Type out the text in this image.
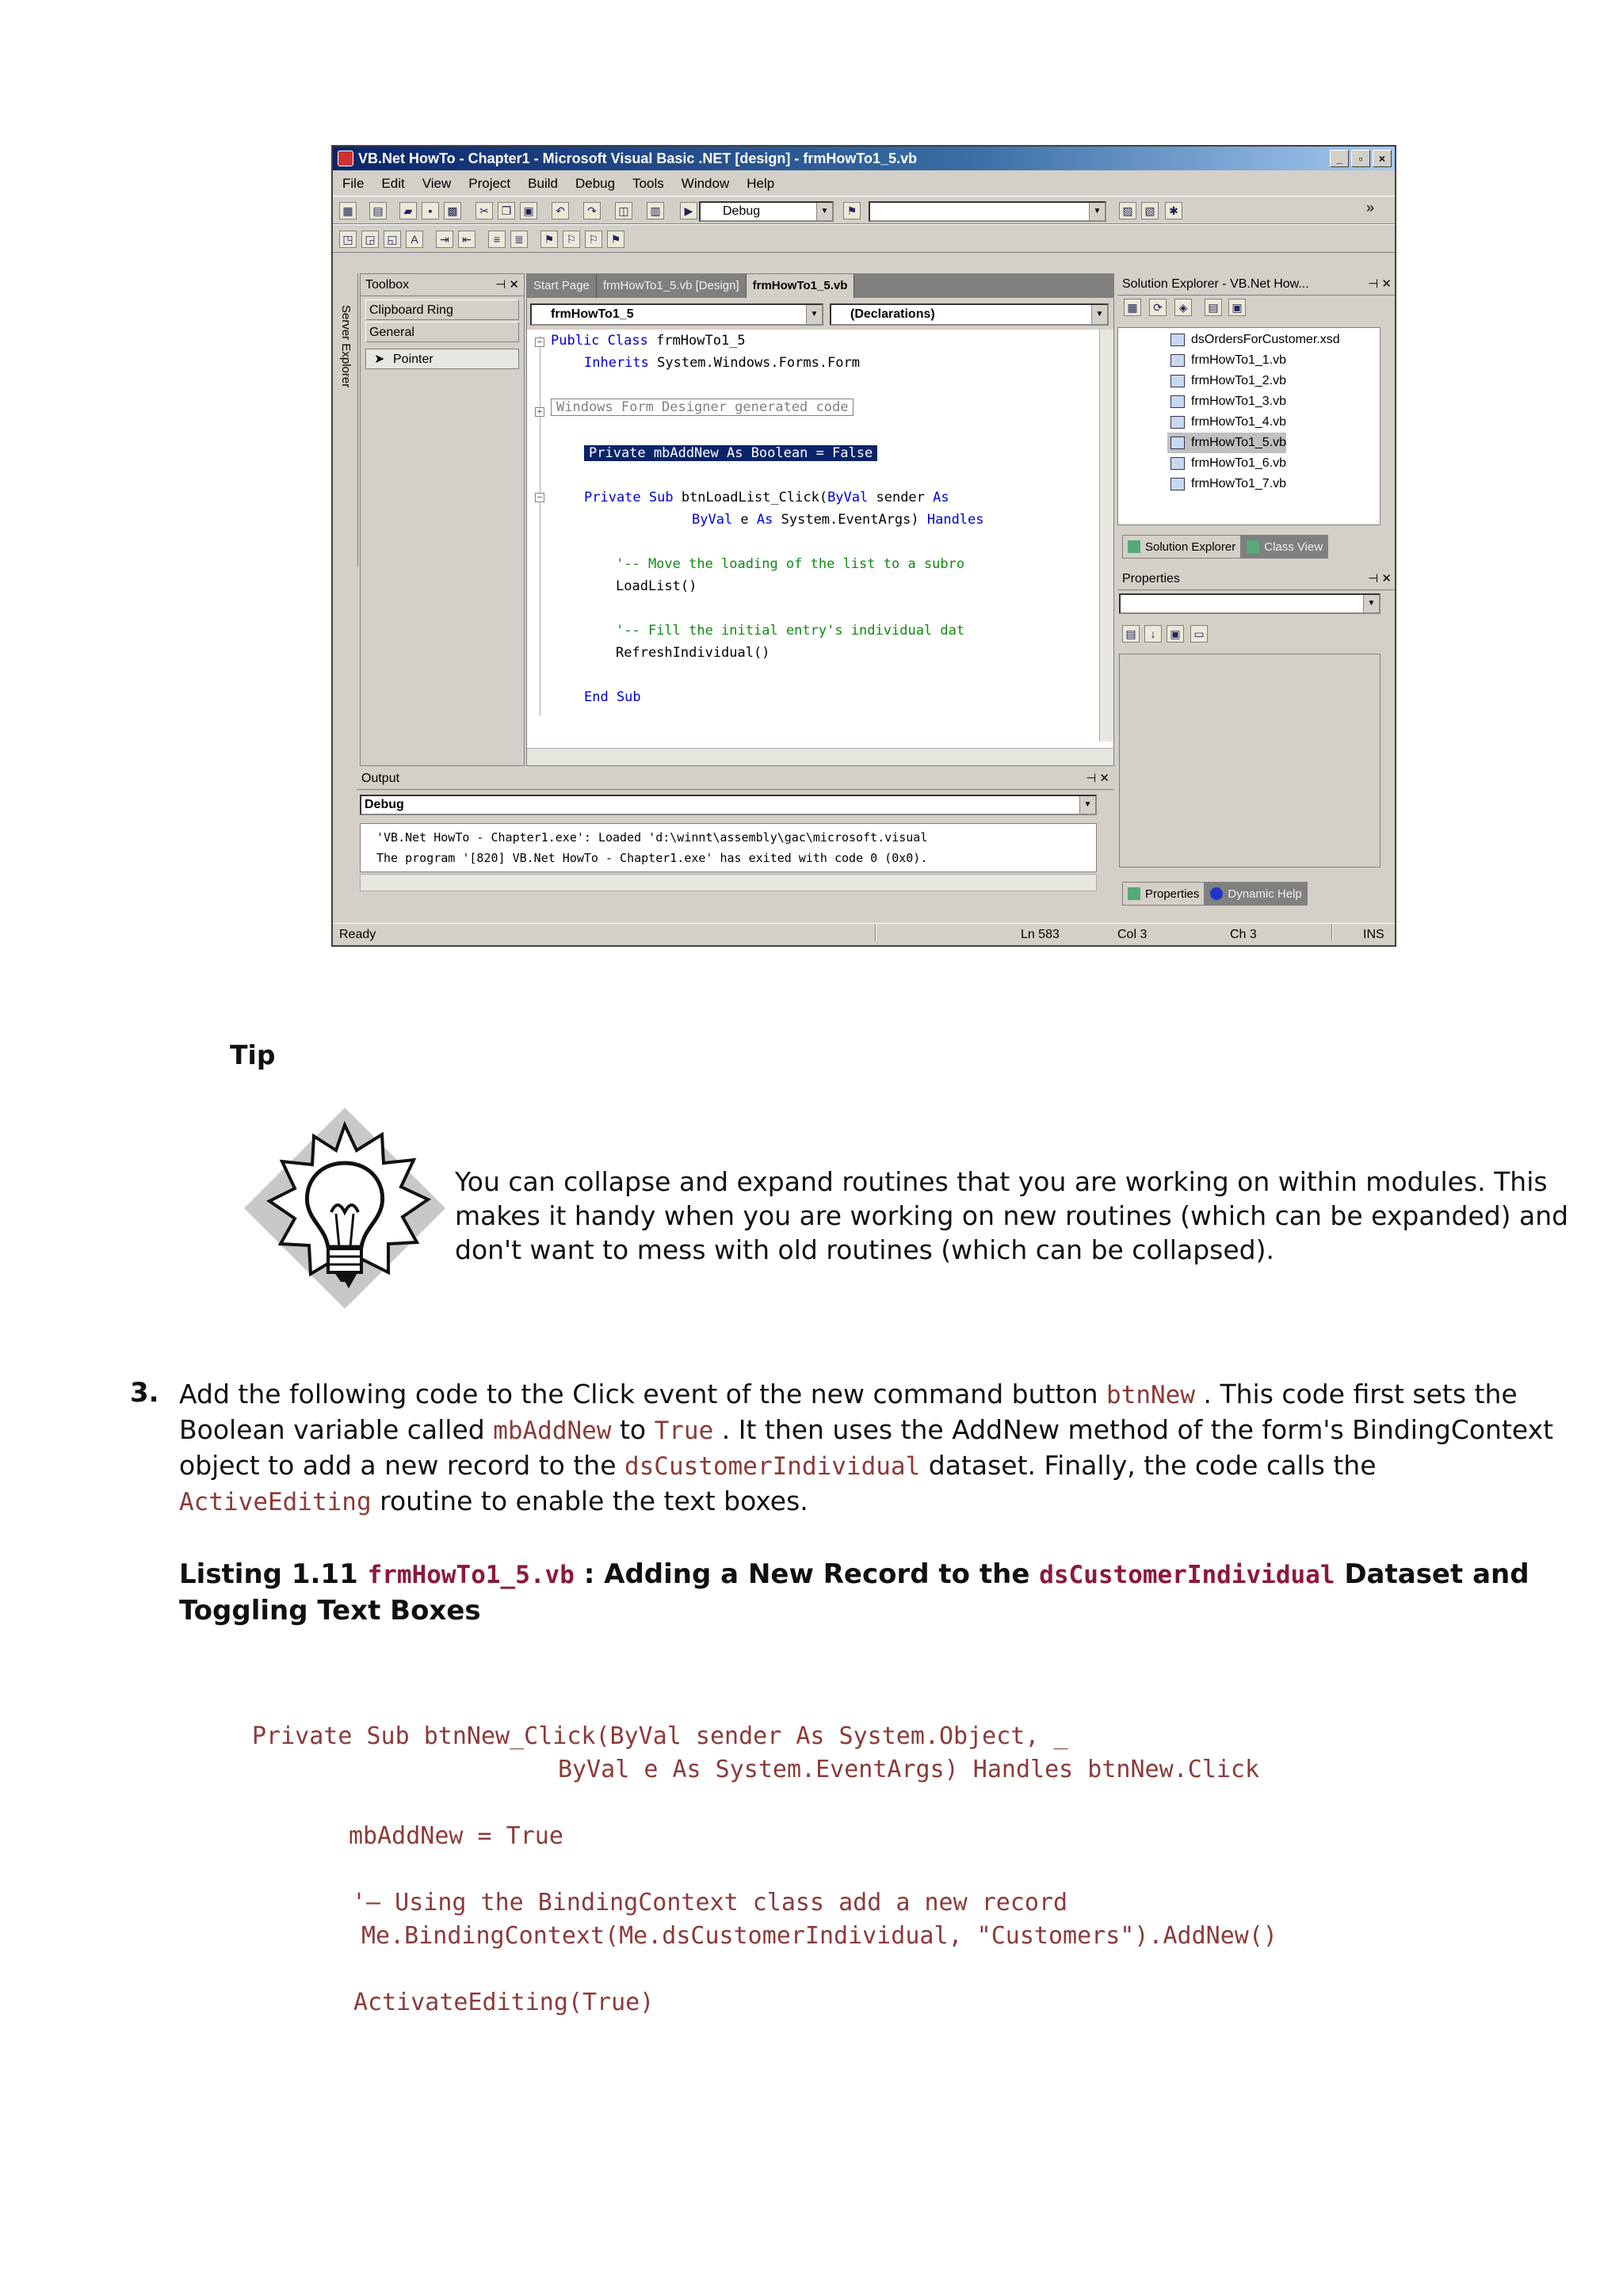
VB.Net HowTo - Chapter1 - Microsoft Visual Basic .NET [design] - frmHowTo1_5.vb	_	▫	×
File Edit View Project Build Debug Tools Window Help
▦	▤	▰	▪	▩	✂	❐	▣	↶	↷	◫	▥	▶	Debug	▼	⚑	▼	▨	▧	✱	»
◳	◲	◱	A	⇥	⇤	≡	≣	⚑	⚐	⚐	⚑
Server Explorer
Toolbox	⊣ ✕
Clipboard Ring
General
➤ Pointer
Start Page	frmHowTo1_5.vb [Design]	frmHowTo1_5.vb
frmHowTo1_5	▼	(Declarations)	▼
−
+
−
Public Class frmHowTo1_5
Inherits System.Windows.Forms.Form
Windows Form Designer generated code
Private mbAddNew As Boolean = False
Private Sub btnLoadList_Click(ByVal sender As
ByVal e As System.EventArgs) Handles
'-- Move the loading of the list to a subro
LoadList()
'-- Fill the initial entry's individual dat
RefreshIndividual()
End Sub
Solution Explorer - VB.Net How...	⊣ ✕
▦	⟳	◈	▤	▣
dsOrdersForCustomer.xsd
frmHowTo1_1.vb
frmHowTo1_2.vb
frmHowTo1_3.vb
frmHowTo1_4.vb
frmHowTo1_5.vb
frmHowTo1_6.vb
frmHowTo1_7.vb
Solution Explorer	Class View
Properties	⊣ ✕
▼
▤	↓	▣	▭
Properties	Dynamic Help
Output	⊣ ✕
Debug	▼
'VB.Net HowTo - Chapter1.exe': Loaded 'd:\winnt\assembly\gac\microsoft.visual
The program '[820] VB.Net HowTo - Chapter1.exe' has exited with code 0 (0x0).
Ready	Ln 583	Col 3	Ch 3	INS
Tip
You can collapse and expand routines that you are working on within modules. This makes it handy when you are working on new routines (which can be expanded) and don't want to mess with old routines (which can be collapsed).
3. Add the following code to the Click event of the new command button btnNew . This code first sets the Boolean variable called mbAddNew to True . It then uses the AddNew method of the form's BindingContext object to add a new record to the dsCustomerIndividual dataset. Finally, the code calls the ActiveEditing routine to enable the text boxes.
Listing 1.11 frmHowTo1_5.vb : Adding a New Record to the dsCustomerIndividual Dataset and Toggling Text Boxes
Private Sub btnNew_Click(ByVal sender As System.Object, _
ByVal e As System.EventArgs) Handles btnNew.Click
mbAddNew = True
'— Using the BindingContext class add a new record
Me.BindingContext(Me.dsCustomerIndividual, "Customers").AddNew()
ActivateEditing(True)
